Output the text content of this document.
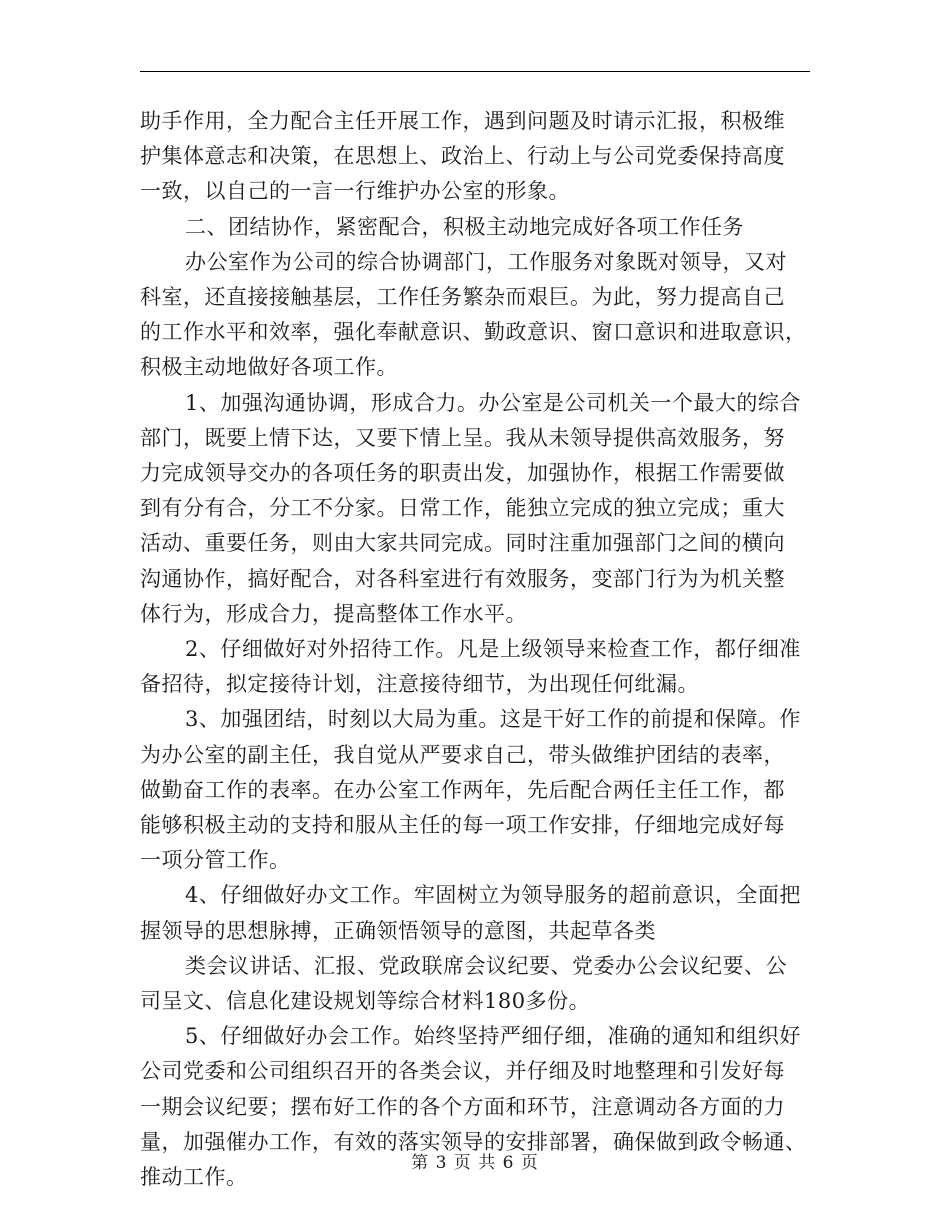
助手作用，全力配合主任开展工作，遇到问题及时请示汇报，积极维
护集体意志和决策，在思想上、政治上、行动上与公司党委保持高度
一致，以自己的一言一行维护办公室的形象。
二、团结协作，紧密配合，积极主动地完成好各项工作任务
办公室作为公司的综合协调部门，工作服务对象既对领导，又对
科室，还直接接触基层，工作任务繁杂而艰巨。为此，努力提高自己
的工作水平和效率，强化奉献意识、勤政意识、窗口意识和进取意识，
积极主动地做好各项工作。
1、加强沟通协调，形成合力。办公室是公司机关一个最大的综合
部门，既要上情下达，又要下情上呈。我从未领导提供高效服务，努
力完成领导交办的各项任务的职责出发，加强协作，根据工作需要做
到有分有合，分工不分家。日常工作，能独立完成的独立完成；重大
活动、重要任务，则由大家共同完成。同时注重加强部门之间的横向
沟通协作，搞好配合，对各科室进行有效服务，变部门行为为机关整
体行为，形成合力，提高整体工作水平。
2、仔细做好对外招待工作。凡是上级领导来检查工作，都仔细准
备招待，拟定接待计划，注意接待细节，为出现任何纰漏。
3、加强团结，时刻以大局为重。这是干好工作的前提和保障。作
为办公室的副主任，我自觉从严要求自己，带头做维护团结的表率，
做勤奋工作的表率。在办公室工作两年，先后配合两任主任工作，都
能够积极主动的支持和服从主任的每一项工作安排，仔细地完成好每
一项分管工作。
4、仔细做好办文工作。牢固树立为领导服务的超前意识，全面把
握领导的思想脉搏，正确领悟领导的意图，共起草各类
类会议讲话、汇报、党政联席会议纪要、党委办公会议纪要、公
司呈文、信息化建设规划等综合材料180多份。
5、仔细做好办会工作。始终坚持严细仔细，准确的通知和组织好
公司党委和公司组织召开的各类会议，并仔细及时地整理和引发好每
一期会议纪要；摆布好工作的各个方面和环节，注意调动各方面的力
量，加强催办工作，有效的落实领导的安排部署，确保做到政令畅通、
推动工作。
第 3 页 共 6 页
